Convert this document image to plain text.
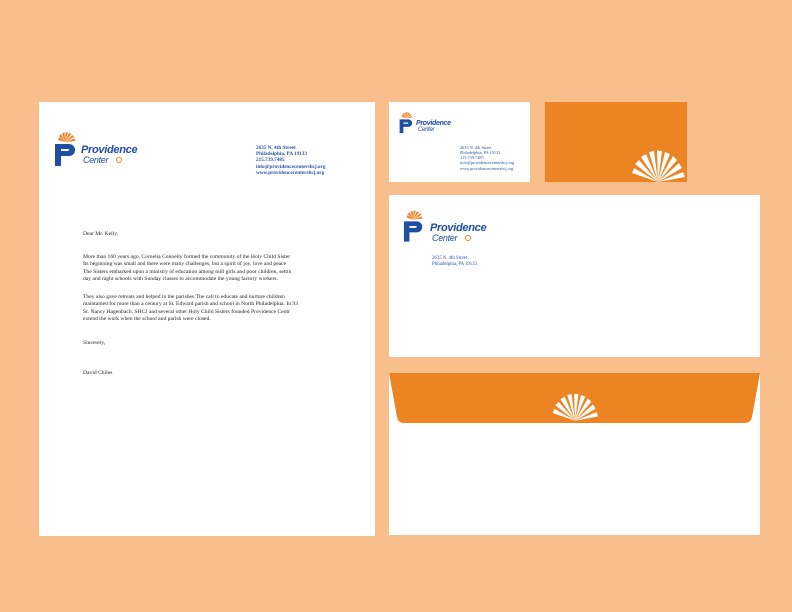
Providence
Center
2635 N. 4th Street
Philadelphia, PA 19133
215.739.7485
info@providencecentershcj.org
www.providencecentershcj.org
Dear Mr. Kelly,
More than 160 years ago, Cornelia Connelly formed the community of the Holy Child Sister
Its beginning was small and there were many challenges, but a spirit of joy, love and peace
The Sisters embarked upon a ministry of education among mill girls and poor children, settin
day and night schools with Sunday classes to accommodate the young factory workers.
They also gave retreats and helped in the parishes.The call to educate and nurture children
maintained for more than a century at St. Edward parish and school in North Philadelphia. In 93
Sr. Nancy Hagenbach, SHCJ and several other Holy Child Sisters founded Providence Centr
extend the work when the school and parish were closed.
Sincerely,
David Chiles
Providence
Center
2635 N. 4th Street
Philadelphia, PA 19133
215.739.7485
info@providencecentershcj.org
www.providencecentershcj.org
Providence
Center
2635 N. 4th Street
Philadelphia, PA 19133
